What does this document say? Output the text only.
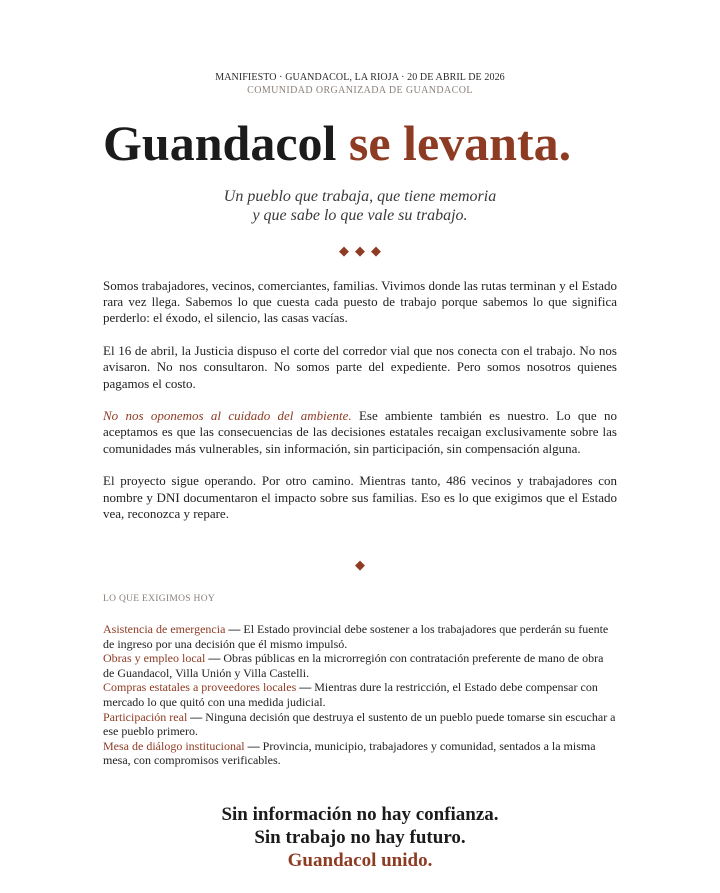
MANIFIESTO · GUANDACOL, LA RIOJA · 20 DE ABRIL DE 2026
COMUNIDAD ORGANIZADA DE GUANDACOL
Guandacol se levanta.
Un pueblo que trabaja, que tiene memoria
y que sabe lo que vale su trabajo.
◆◆◆

Somos trabajadores, vecinos, comerciantes, familias. Vivimos donde las rutas terminan y el Estado rara vez llega. Sabemos lo que cuesta cada puesto de trabajo porque sabemos lo que significa perderlo: el éxodo, el silencio, las casas vacías.

El 16 de abril, la Justicia dispuso el corte del corredor vial que nos conecta con el trabajo. No nos avisaron. No nos consultaron. No somos parte del expediente. Pero somos nosotros quienes pagamos el costo.

No nos oponemos al cuidado del ambiente. Ese ambiente también es nuestro. Lo que no aceptamos es que las consecuencias de las decisiones estatales recaigan exclusivamente sobre las comunidades más vulnerables, sin información, sin participación, sin compensación alguna.

El proyecto sigue operando. Por otro camino. Mientras tanto, 486 vecinos y trabajadores con nombre y DNI documentaron el impacto sobre sus familias. Eso es lo que exigimos que el Estado vea, reconozca y repare.

◆
LO QUE EXIGIMOS HOY
Asistencia de emergencia — El Estado provincial debe sostener a los trabajadores que perderán su fuente de ingreso por una decisión que él mismo impulsó.
Obras y empleo local — Obras públicas en la microrregión con contratación preferente de mano de obra de Guandacol, Villa Unión y Villa Castelli.
Compras estatales a proveedores locales — Mientras dure la restricción, el Estado debe compensar con mercado lo que quitó con una medida judicial.
Participación real — Ninguna decisión que destruya el sustento de un pueblo puede tomarse sin escuchar a ese pueblo primero.
Mesa de diálogo institucional — Provincia, municipio, trabajadores y comunidad, sentados a la misma mesa, con compromisos verificables.
Sin información no hay confianza.
Sin trabajo no hay futuro.
Guandacol unido.
